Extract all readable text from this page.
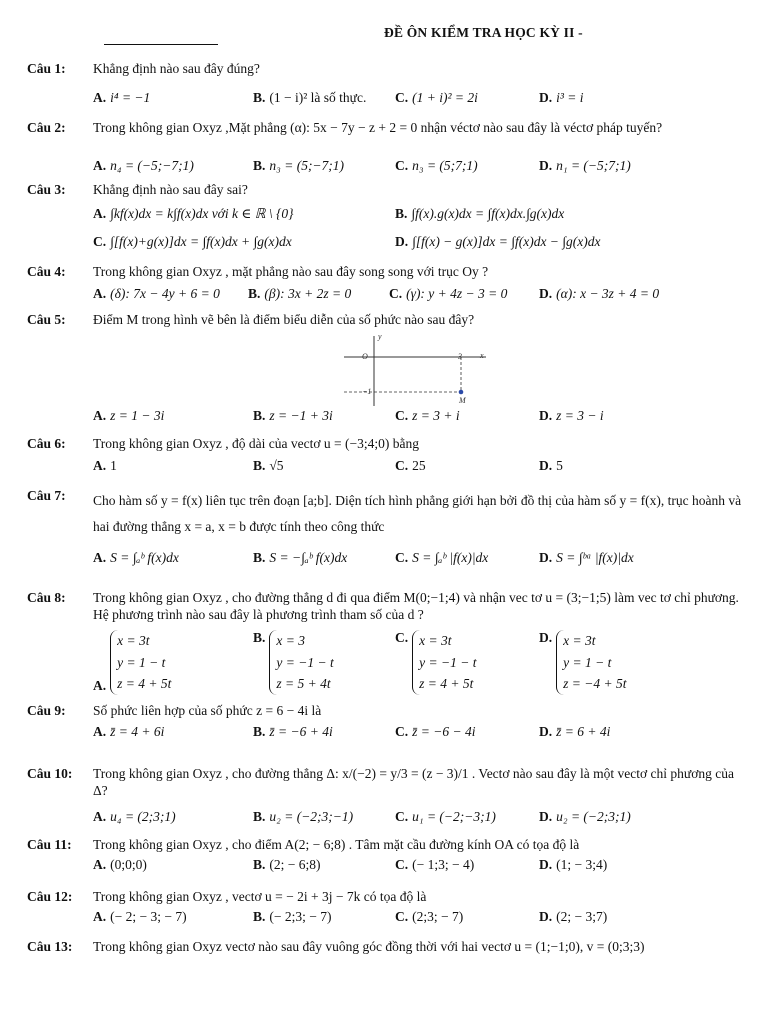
ĐỀ ÔN KIỂM TRA HỌC KỲ II -
Câu 1: Khẳng định nào sau đây đúng?
A. i⁴ = −1	B. (1 − i)² là số thực. C. (1 + i)² = 2i	D. i³ = i
Câu 2: Trong không gian Oxyz ,Mặt phẳng (α): 5x − 7y − z + 2 = 0 nhận véctơ nào sau đây là véctơ pháp tuyến?
A. n₄ = (−5;−7;1)	B. n₃ = (5;−7;1)	C. n₃ = (5;7;1)	D. n₁ = (−5;7;1)
Câu 3: Khẳng định nào sau đây sai?
A. ∫kf(x)dx = k∫f(x)dx với k ∈ ℝ \ {0}	B. ∫f(x).g(x)dx = ∫f(x)dx.∫g(x)dx
C. ∫[f(x)+g(x)]dx = ∫f(x)dx + ∫g(x)dx	D. ∫[f(x) − g(x)]dx = ∫f(x)dx − ∫g(x)dx
Câu 4: Trong không gian Oxyz , mặt phẳng nào sau đây song song với trục Oy ?
A. (δ): 7x − 4y + 6 = 0 B. (β): 3x + 2z = 0	C. (γ): y + 4z − 3 = 0 D. (α): x − 3z + 4 = 0
Câu 5: Điểm M trong hình vẽ bên là điểm biểu diễn của số phức nào sau đây?
A. z = 1 − 3i	B. z = −1 + 3i	C. z = 3 + i	D. z = 3 − i
y
O	3 x
−1
M
Câu 6: Trong không gian Oxyz , độ dài của vectơ u = (−3;4;0) bằng
A. 1	B. √5	C. 25	D. 5
Câu 7: Cho hàm số y = f(x) liên tục trên đoạn [a;b]. Diện tích hình phẳng giới hạn bởi đồ thị của hàm số y = f(x), trục hoành và hai đường thẳng x = a, x = b được tính theo công thức
A. S = ∫ₐᵇ f(x)dx	B. S = −∫ₐᵇ f(x)dx	C. S = ∫ₐᵇ |f(x)|dx	D. S = ∫ᵇᵃ |f(x)|dx
Câu 8: Trong không gian Oxyz , cho đường thẳng d đi qua điểm M(0;−1;4) và nhận vec tơ u = (3;−1;5) làm vec tơ chỉ phương. Hệ phương trình nào sau đây là phương trình tham số của d ?
A.x = 3t
y = 1 − t
z = 4 + 5t
B. x = 3
y = −1 − t
z = 5 + 4t
C. x = 3t
y = −1 − t
z = 4 + 5t
D. x = 3t
y = 1 − t
z = −4 + 5t
Câu 9: Số phức liên hợp của số phức z = 6 − 4i là
A. z̄ = 4 + 6i	B. z̄ = −6 + 4i	C. z̄ = −6 − 4i	D. z̄ = 6 + 4i
Câu 10: Trong không gian Oxyz , cho đường thẳng Δ: x/(−2) = y/3 = (z − 3)/1 . Vectơ nào sau đây là một vectơ chỉ phương của Δ?
A. u₄ = (2;3;1)	B. u₂ = (−2;3;−1)	C. u₁ = (−2;−3;1)	D. u₂ = (−2;3;1)
Câu 11: Trong không gian Oxyz , cho điểm A(2; − 6;8) . Tâm mặt cầu đường kính OA có tọa độ là
A. (0;0;0)	B. (2; − 6;8)	C. (− 1;3; − 4)	D. (1; − 3;4)
Câu 12: Trong không gian Oxyz , vectơ u = − 2i + 3j − 7k có tọa độ là
A. (− 2; − 3; − 7)	B. (− 2;3; − 7)	C. (2;3; − 7)	D. (2; − 3;7)
Câu 13: Trong không gian Oxyz vectơ nào sau đây vuông góc đồng thời với hai vectơ u = (1;−1;0), v = (0;3;3)
